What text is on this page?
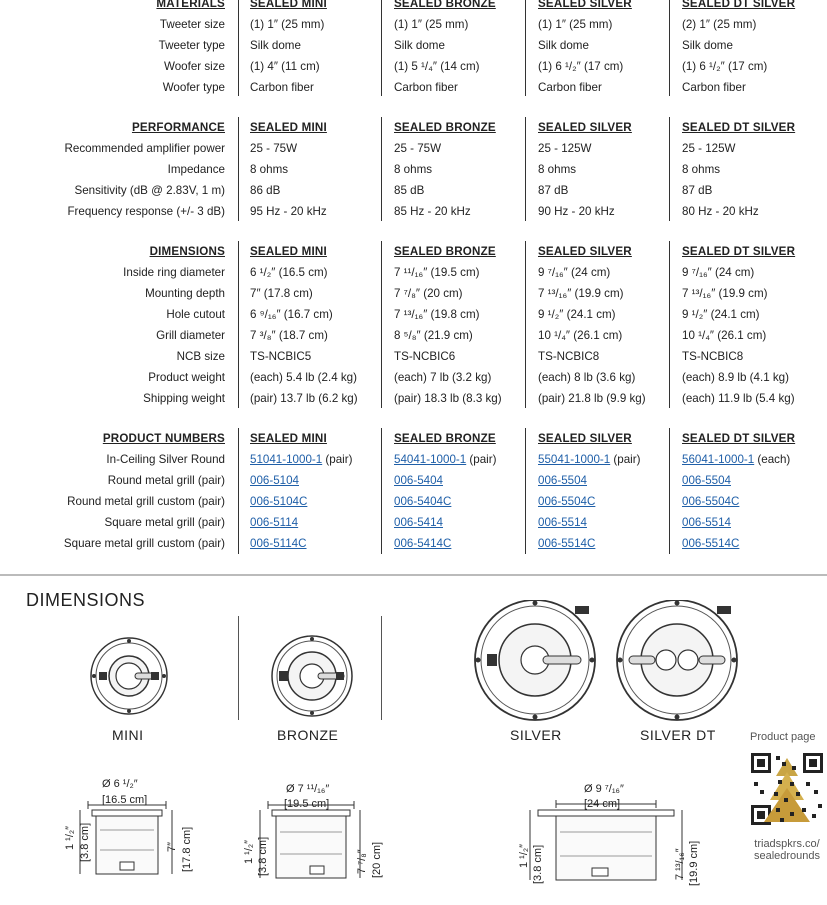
MATERIALS SEALED MINI	SEALED BRONZE	SEALED SILVER	SEALED DT SILVER
Tweeter size (1) 1″ (25 mm)	(1) 1″ (25 mm)	(1) 1″ (25 mm)	(2) 1″ (25 mm)
Tweeter type Silk dome	Silk dome	Silk dome	Silk dome
Woofer size (1) 4″ (11 cm)	(1) 5 ¹/₄″ (14 cm)	(1) 6 ¹/₂″ (17 cm)	(1) 6 ¹/₂″ (17 cm)
Woofer type Carbon fiber	Carbon fiber	Carbon fiber	Carbon fiber
PERFORMANCE SEALED MINI	SEALED BRONZE	SEALED SILVER	SEALED DT SILVER
Recommended amplifier power 25 - 75W	25 - 75W	25 - 125W	25 - 125W
Impedance 8 ohms	8 ohms	8 ohms	8 ohms
Sensitivity (dB @ 2.83V, 1 m) 86 dB	85 dB	87 dB	87 dB
Frequency response (+/- 3 dB) 95 Hz - 20 kHz	85 Hz - 20 kHz	90 Hz - 20 kHz	80 Hz - 20 kHz
DIMENSIONS SEALED MINI	SEALED BRONZE	SEALED SILVER	SEALED DT SILVER
Inside ring diameter 6 ¹/₂″ (16.5 cm)	7 ¹¹/₁₆″ (19.5 cm)	9 ⁷/₁₆″ (24 cm)	9 ⁷/₁₆″ (24 cm)
Mounting depth 7″ (17.8 cm)	7 ⁷/₈″ (20 cm)	7 ¹³/₁₆″ (19.9 cm)	7 ¹³/₁₆″ (19.9 cm)
Hole cutout 6 ⁹/₁₆″ (16.7 cm)	7 ¹³/₁₆″ (19.8 cm)	9 ¹/₂″ (24.1 cm)	9 ¹/₂″ (24.1 cm)
Grill diameter 7 ³/₈″ (18.7 cm)	8 ⁵/₈″ (21.9 cm)	10 ¹/₄″ (26.1 cm)	10 ¹/₄″ (26.1 cm)
NCB size TS-NCBIC5	TS-NCBIC6	TS-NCBIC8	TS-NCBIC8
Product weight (each) 5.4 lb (2.4 kg)	(each) 7 lb (3.2 kg)	(each) 8 lb (3.6 kg)	(each) 8.9 lb (4.1 kg)
Shipping weight (pair) 13.7 lb (6.2 kg)	(pair) 18.3 lb (8.3 kg)	(pair) 21.8 lb (9.9 kg)	(each) 11.9 lb (5.4 kg)
PRODUCT NUMBERS SEALED MINI	SEALED BRONZE	SEALED SILVER	SEALED DT SILVER
In-Ceiling Silver Round 51041-1000-1 (pair)	54041-1000-1 (pair)	55041-1000-1 (pair)	56041-1000-1 (each)
Round metal grill (pair) 006-5104	006-5404	006-5504	006-5504
Round metal grill custom (pair) 006-5104C	006-5404C	006-5504C	006-5504C
Square metal grill (pair) 006-5114	006-5414	006-5514	006-5514
Square metal grill custom (pair) 006-5114C	006-5414C	006-5514C	006-5514C
DIMENSIONS
MINI	BRONZE	SILVER	SILVER DT
Ø 6 ¹/₂″
[16.5 cm]
1 ¹/₂″ [3.8 cm]	7″ [17.8 cm]
Ø 7 ¹¹/₁₆″
[19.5 cm]
1 ¹/₂″ [3.8 cm]	7 ⁷/₈″ [20 cm]
Ø 9 ⁷/₁₆″
[24 cm]
1 ¹/₂″ [3.8 cm]	7 ¹³/₁₆″ [19.9 cm]
Product page
triadspkrs.co/
sealedrounds
